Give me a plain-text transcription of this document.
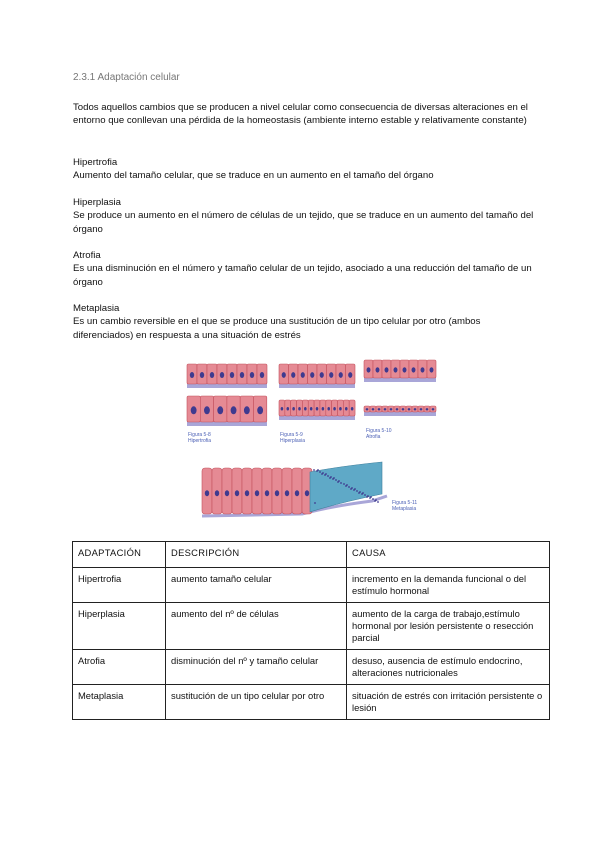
2.3.1 Adaptación celular
Todos aquellos cambios que se producen a nivel celular como consecuencia de diversas alteraciones en el entorno que conllevan una pérdida de la homeostasis (ambiente interno estable y relativamente constante)
Hipertrofia
Aumento del tamaño celular, que se traduce en un aumento en el tamaño del órgano
Hiperplasia
Se produce un aumento en el número de células de un tejido, que se traduce en un aumento del tamaño del órgano
Atrofia
Es una disminución en el número y tamaño celular de un tejido, asociado a una reducción del tamaño de un órgano
Metaplasia
Es un cambio reversible en el que se produce una sustitución de un tipo celular por otro (ambos diferenciados) en respuesta a una situación de estrés
Figura 5-8
Hipertrofia
Figura 5-9
Hiperplasia
Figura 5-10
Atrofia
Figura 5-11
Metaplasia
ADAPTACIÓN	DESCRIPCIÓN	CAUSA
Hipertrofia	aumento tamaño celular	incremento en la demanda funcional o del estímulo hormonal
Hiperplasia	aumento del nº de células	aumento de la carga de trabajo,estímulo hormonal por lesión persistente o resección parcial
Atrofia	disminución del nº y tamaño celular	desuso, ausencia de estímulo endocrino, alteraciones nutricionales
Metaplasia	sustitución de un tipo celular por otro	situación de estrés con irritación persistente o lesión
